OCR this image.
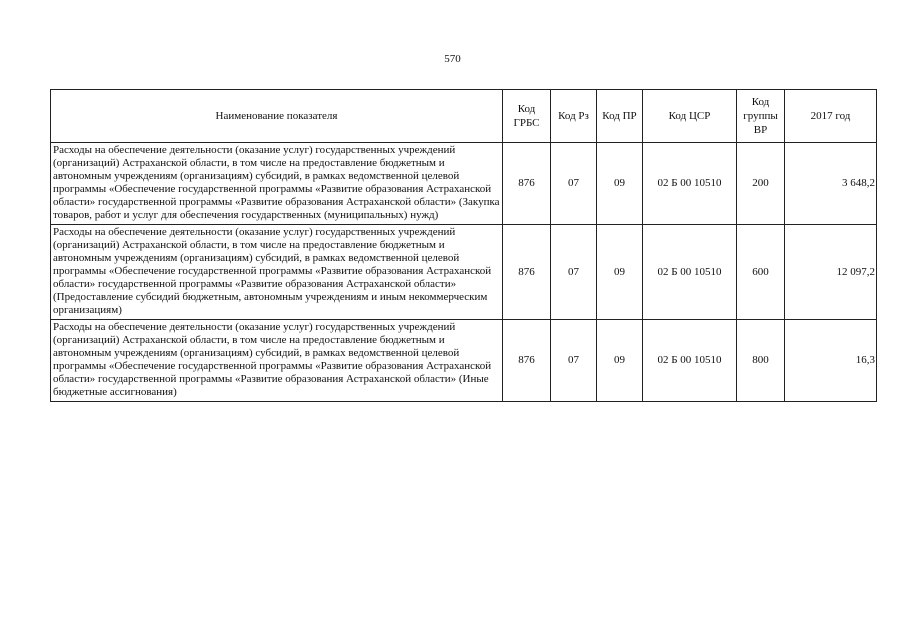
570
Наименование показателя	Код ГРБС	Код Рз	Код ПР	Код ЦСР	Код группы ВР	2017 год
Расходы на обеспечение деятельности (оказание услуг) государственных учреждений (организаций) Астраханской области, в том числе на предоставление бюджетным и автономным учреждениям (организациям) субсидий, в рамках ведомственной целевой программы «Обеспечение государственной программы «Развитие образования Астраханской области» государственной программы «Развитие образования Астраханской области» (Закупка товаров, работ и услуг для обеспечения государственных (муниципальных) нужд)	876	07	09	02 Б 00 10510	200	3 648,2
Расходы на обеспечение деятельности (оказание услуг) государственных учреждений (организаций) Астраханской области, в том числе на предоставление бюджетным и автономным учреждениям (организациям) субсидий, в рамках ведомственной целевой программы «Обеспечение государственной программы «Развитие образования Астраханской области» государственной программы «Развитие образования Астраханской области» (Предоставление субсидий бюджетным, автономным учреждениям и иным некоммерческим организациям)	876	07	09	02 Б 00 10510	600	12 097,2
Расходы на обеспечение деятельности (оказание услуг) государственных учреждений (организаций) Астраханской области, в том числе на предоставление бюджетным и автономным учреждениям (организациям) субсидий, в рамках ведомственной целевой программы «Обеспечение государственной программы «Развитие образования Астраханской области» государственной программы «Развитие образования Астраханской области» (Иные бюджетные ассигнования)	876	07	09	02 Б 00 10510	800	16,3
